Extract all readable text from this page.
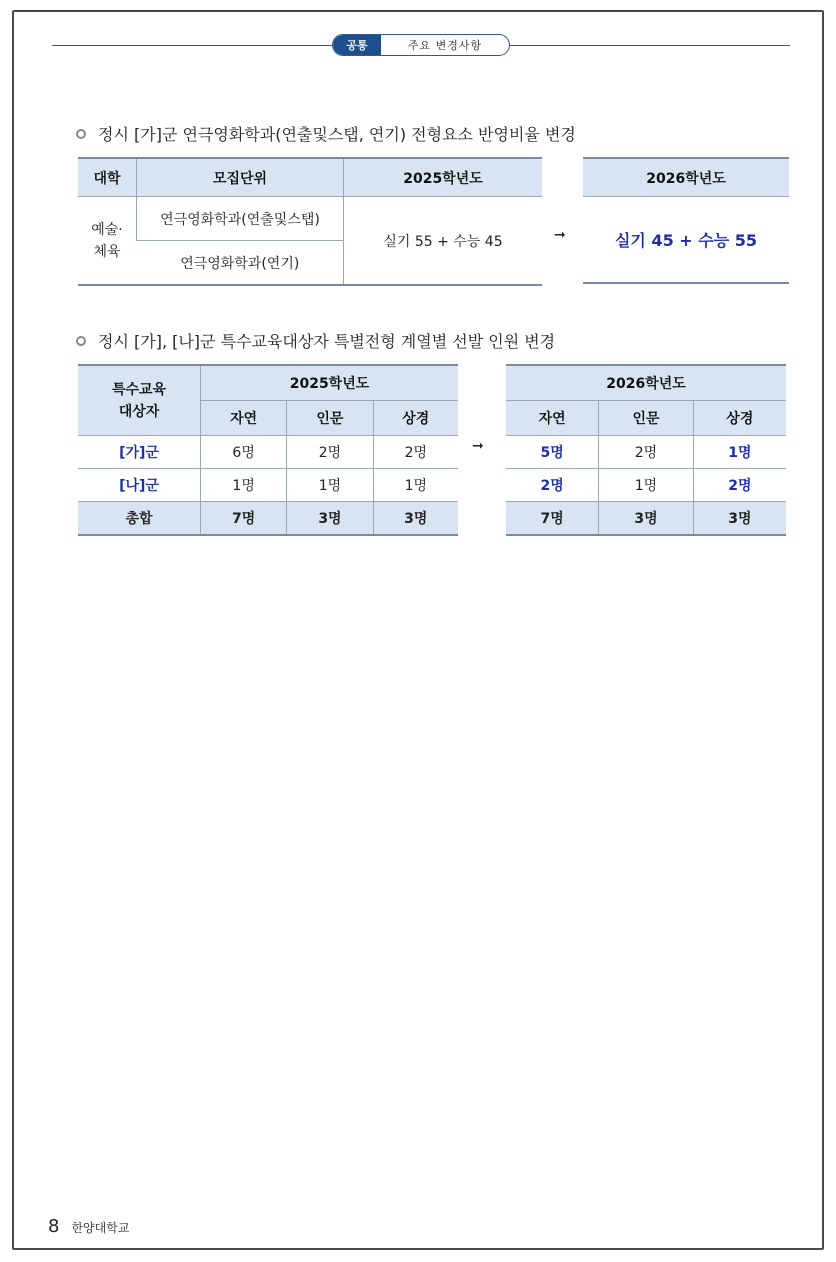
공통	주요 변경사항
정시 [가]군 연극영화학과(연출및스탭, 연기) 전형요소 반영비율 변경
대학	모집단위	2025학년도
예술·
체육	연극영화학과(연출및스탭)	실기 55 + 수능 45
	연극영화학과(연기)	
➞
2026학년도
실기 45 + 수능 55
정시 [가], [나]군 특수교육대상자 특별전형 계열별 선발 인원 변경
특수교육
대상자	2025학년도		
	자연	인문	상경
[가]군	6명	2명	2명
[나]군	1명	1명	1명
총합	7명	3명	3명
➞
2026학년도		
자연	인문	상경
5명	2명	1명
2명	1명	2명
7명	3명	3명
8 한양대학교
